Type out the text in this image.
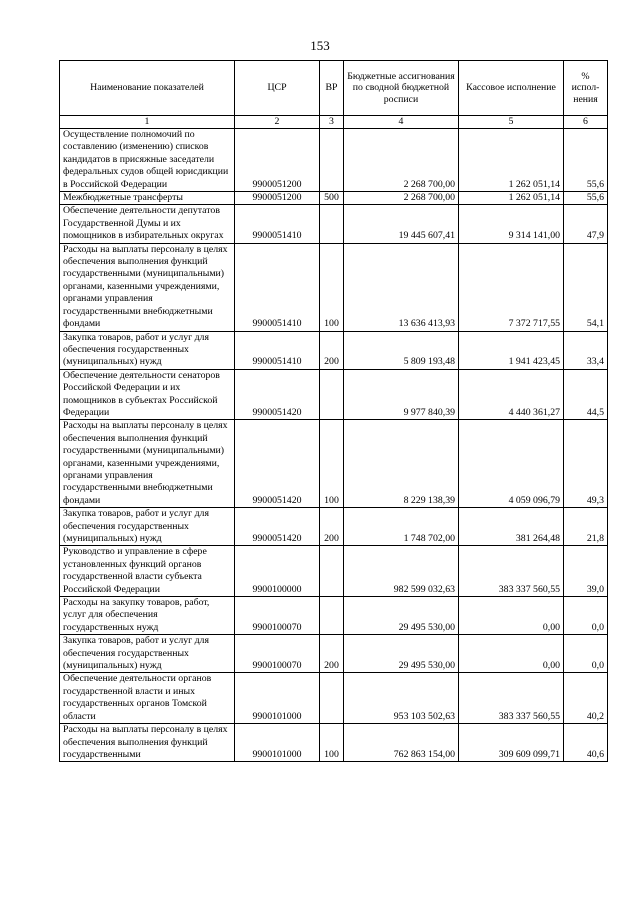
153
Наименование показателей	ЦСР	ВР	Бюджетные ассигнования по сводной бюджетной росписи	Кассовое исполнение	% испол-нения
1	2	3	4	5	6
Осуществление полномочий по составлению (изменению) списков кандидатов в присяжные заседатели федеральных судов общей юрисдикции в Российской Федерации	9900051200		2 268 700,00	1 262 051,14	55,6
Межбюджетные трансферты	9900051200	500	2 268 700,00	1 262 051,14	55,6
Обеспечение деятельности депутатов Государственной Думы и их помощников в избирательных округах	9900051410		19 445 607,41	9 314 141,00	47,9
Расходы на выплаты персоналу в целях обеспечения выполнения функций государственными (муниципальными) органами, казенными учреждениями, органами управления государственными внебюджетными фондами	9900051410	100	13 636 413,93	7 372 717,55	54,1
Закупка товаров, работ и услуг для обеспечения государственных (муниципальных) нужд	9900051410	200	5 809 193,48	1 941 423,45	33,4
Обеспечение деятельности сенаторов Российской Федерации и их помощников в субъектах Российской Федерации	9900051420		9 977 840,39	4 440 361,27	44,5
Расходы на выплаты персоналу в целях обеспечения выполнения функций государственными (муниципальными) органами, казенными учреждениями, органами управления государственными внебюджетными фондами	9900051420	100	8 229 138,39	4 059 096,79	49,3
Закупка товаров, работ и услуг для обеспечения государственных (муниципальных) нужд	9900051420	200	1 748 702,00	381 264,48	21,8
Руководство и управление в сфере установленных функций органов государственной власти субъекта Российской Федерации	9900100000		982 599 032,63	383 337 560,55	39,0
Расходы на закупку товаров, работ, услуг для обеспечения государственных нужд	9900100070		29 495 530,00	0,00	0,0
Закупка товаров, работ и услуг для обеспечения государственных (муниципальных) нужд	9900100070	200	29 495 530,00	0,00	0,0
Обеспечение деятельности органов государственной власти и иных государственных органов Томской области	9900101000		953 103 502,63	383 337 560,55	40,2
Расходы на выплаты персоналу в целях обеспечения выполнения функций государственными	9900101000	100	762 863 154,00	309 609 099,71	40,6
